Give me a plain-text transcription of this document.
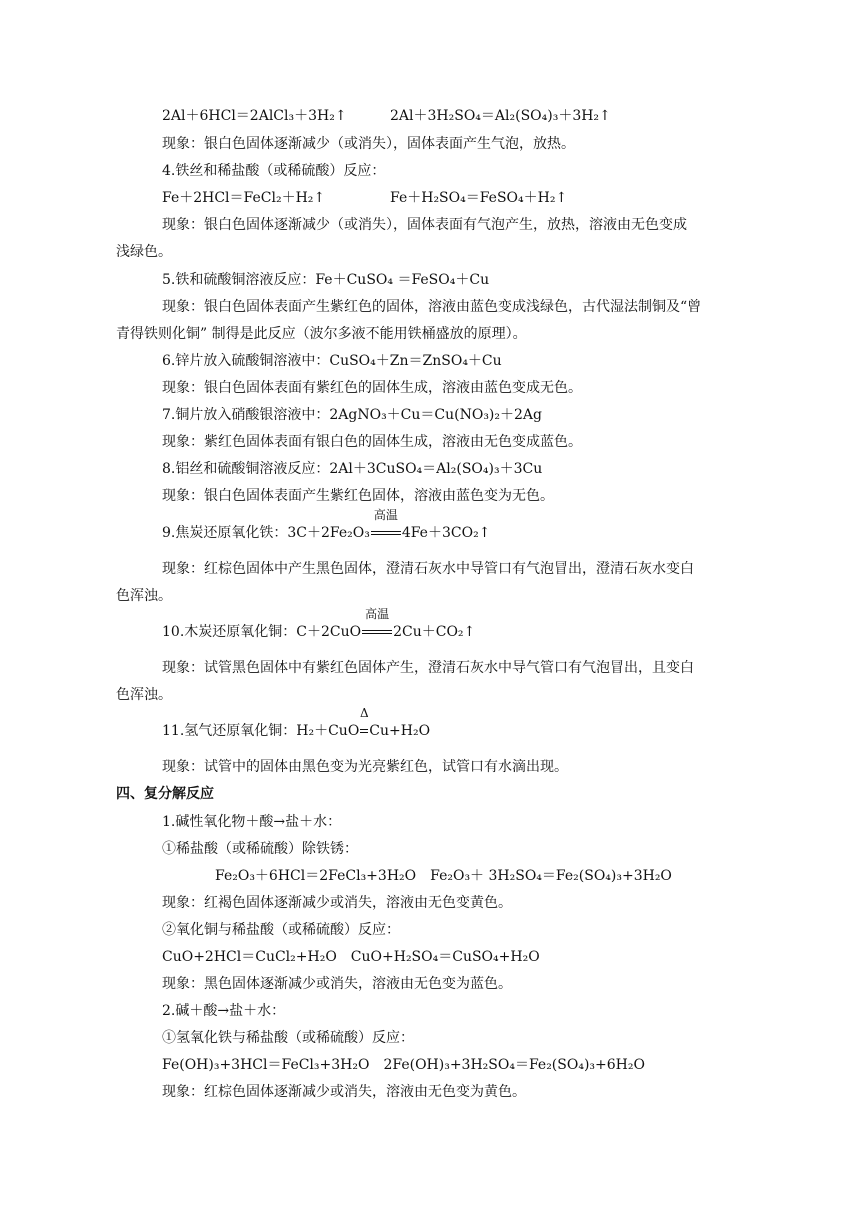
2Al＋6HCl＝2AlCl₃＋3H₂↑	2Al＋3H₂SO₄＝Al₂(SO₄)₃＋3H₂↑
现象：银白色固体逐渐减少（或消失），固体表面产生气泡，放热。
4.铁丝和稀盐酸（或稀硫酸）反应：
Fe＋2HCl＝FeCl₂＋H₂↑	Fe＋H₂SO₄＝FeSO₄＋H₂↑
现象：银白色固体逐渐减少（或消失），固体表面有气泡产生，放热，溶液由无色变成
浅绿色。
5.铁和硫酸铜溶液反应：Fe＋CuSO₄ ＝FeSO₄＋Cu
现象：银白色固体表面产生紫红色的固体，溶液由蓝色变成浅绿色，古代湿法制铜及“曾
青得铁则化铜” 制得是此反应（波尔多液不能用铁桶盛放的原理）。
6.锌片放入硫酸铜溶液中：CuSO₄＋Zn＝ZnSO₄＋Cu
现象：银白色固体表面有紫红色的固体生成，溶液由蓝色变成无色。
7.铜片放入硝酸银溶液中：2AgNO₃＋Cu＝Cu(NO₃)₂＋2Ag
现象：紫红色固体表面有银白色的固体生成，溶液由无色变成蓝色。
8.铝丝和硫酸铜溶液反应：2Al＋3CuSO₄＝Al₂(SO₄)₃＋3Cu
现象：银白色固体表面产生紫红色固体，溶液由蓝色变为无色。
9.焦炭还原氧化铁：3C＋2Fe₂O₃
高温
4Fe＋3CO₂↑
现象：红棕色固体中产生黑色固体，澄清石灰水中导管口有气泡冒出，澄清石灰水变白
色浑浊。
10.木炭还原氧化铜：C＋2CuO
高温
2Cu＋CO₂↑
现象：试管黑色固体中有紫红色固体产生，澄清石灰水中导气管口有气泡冒出，且变白
色浑浊。
11.氢气还原氧化铜：H₂＋CuO
Δ
Cu+H₂O
现象：试管中的固体由黑色变为光亮紫红色，试管口有水滴出现。
四、复分解反应
1.碱性氧化物＋酸→盐＋水：
①稀盐酸（或稀硫酸）除铁锈：
Fe₂O₃＋6HCl＝2FeCl₃+3H₂O　Fe₂O₃＋ 3H₂SO₄＝Fe₂(SO₄)₃+3H₂O
现象：红褐色固体逐渐减少或消失，溶液由无色变黄色。
②氧化铜与稀盐酸（或稀硫酸）反应：
CuO+2HCl＝CuCl₂+H₂O　CuO+H₂SO₄＝CuSO₄+H₂O
现象：黑色固体逐渐减少或消失，溶液由无色变为蓝色。
2.碱＋酸→盐＋水：
①氢氧化铁与稀盐酸（或稀硫酸）反应：
Fe(OH)₃+3HCl＝FeCl₃+3H₂O　2Fe(OH)₃+3H₂SO₄＝Fe₂(SO₄)₃+6H₂O
现象：红棕色固体逐渐减少或消失，溶液由无色变为黄色。
